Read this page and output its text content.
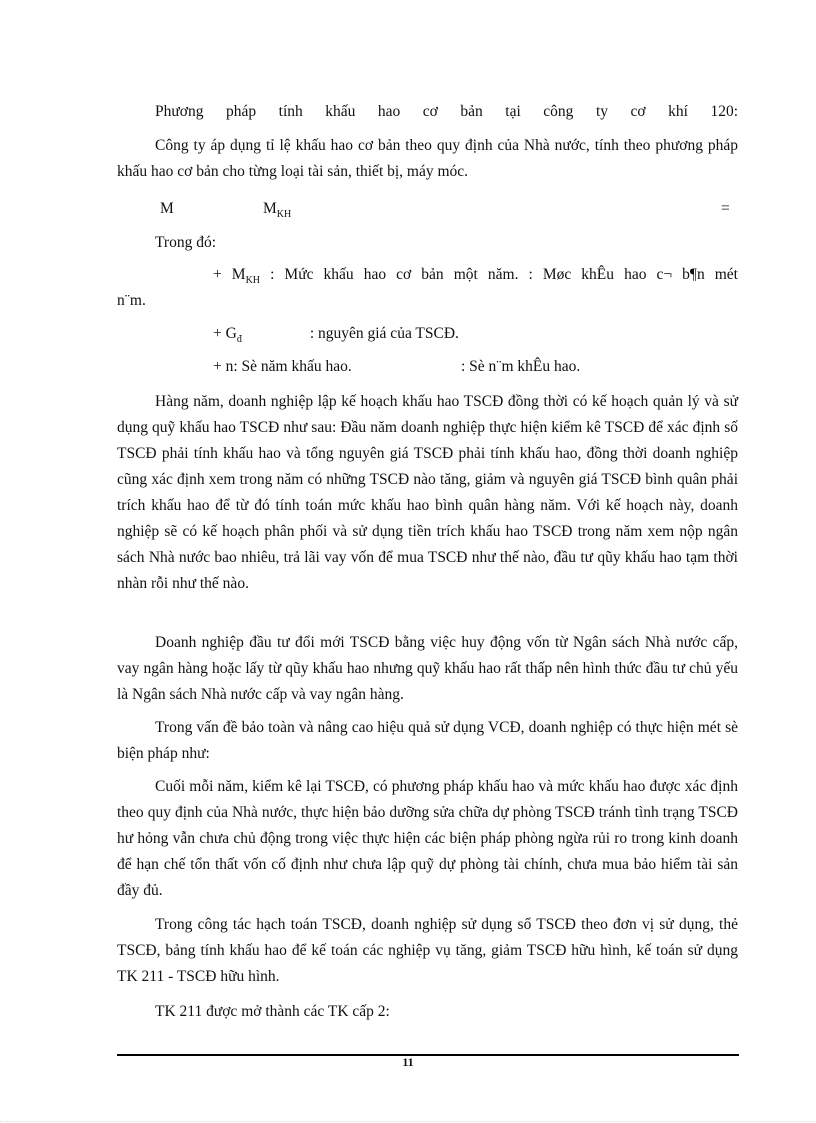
Phương pháp tính khấu hao cơ bản tại công ty cơ khí 120:

Công ty áp dụng tỉ lệ khấu hao cơ bản theo quy định của Nhà nước, tính theo phương pháp khấu hao cơ bản cho từng loại tài sản, thiết bị, máy móc.

M	$M_{KH}$	=

Trong đó:

+ $M_{KH}$ : Mức khấu hao cơ bản một năm. : Møc khÊu hao c¬ b¶n mét

n¨m.

+ $G_đ$	: nguyên giá của TSCĐ.

+ n: Sè năm khấu hao.	: Sè n¨m khÊu hao.

Hàng năm, doanh nghiệp lập kế hoạch khấu hao TSCĐ đồng thời có kế hoạch quản lý và sử dụng quỹ khấu hao TSCĐ như sau: Đầu năm doanh nghiệp thực hiện kiểm kê TSCĐ để xác định số TSCĐ phải tính khấu hao và tổng nguyên giá TSCĐ phải tính khấu hao, đồng thời doanh nghiệp cũng xác định xem trong năm có những TSCĐ nào tăng, giảm và nguyên giá TSCĐ bình quân phải trích khấu hao để từ đó tính toán mức khấu hao bình quân hàng năm. Với kế hoạch này, doanh nghiệp sẽ có kế hoạch phân phối và sử dụng tiền trích khấu hao TSCĐ trong năm xem nộp ngân sách Nhà nước bao nhiêu, trả lãi vay vốn để mua TSCĐ như thế nào, đầu tư qũy khấu hao tạm thời nhàn rỗi như thế nào.

Doanh nghiệp đầu tư đổi mới TSCĐ bằng việc huy động vốn từ Ngân sách Nhà nước cấp, vay ngân hàng hoặc lấy từ qũy khấu hao nhưng quỹ khấu hao rất thấp nên hình thức đầu tư chủ yếu là Ngân sách Nhà nước cấp và vay ngân hàng.

Trong vấn đề bảo toàn và nâng cao hiệu quả sử dụng VCĐ, doanh nghiệp có thực hiện mét sè biện pháp như:

Cuối mỗi năm, kiểm kê lại TSCĐ, có phương pháp khấu hao và mức khấu hao được xác định theo quy định của Nhà nước, thực hiện bảo dưỡng sửa chữa dự phòng TSCĐ tránh tình trạng TSCĐ hư hỏng vẫn chưa chủ động trong việc thực hiện các biện pháp phòng ngừa rủi ro trong kinh doanh để hạn chế tổn thất vốn cố định như chưa lập quỹ dự phòng tài chính, chưa mua bảo hiểm tài sản đầy đủ.

Trong công tác hạch toán TSCĐ, doanh nghiệp sử dụng sổ TSCĐ theo đơn vị sử dụng, thẻ TSCĐ, bảng tính khấu hao để kế toán các nghiệp vụ tăng, giảm TSCĐ hữu hình, kế toán sử dụng TK 211 - TSCĐ hữu hình.

TK 211 được mở thành các TK cấp 2:

11
